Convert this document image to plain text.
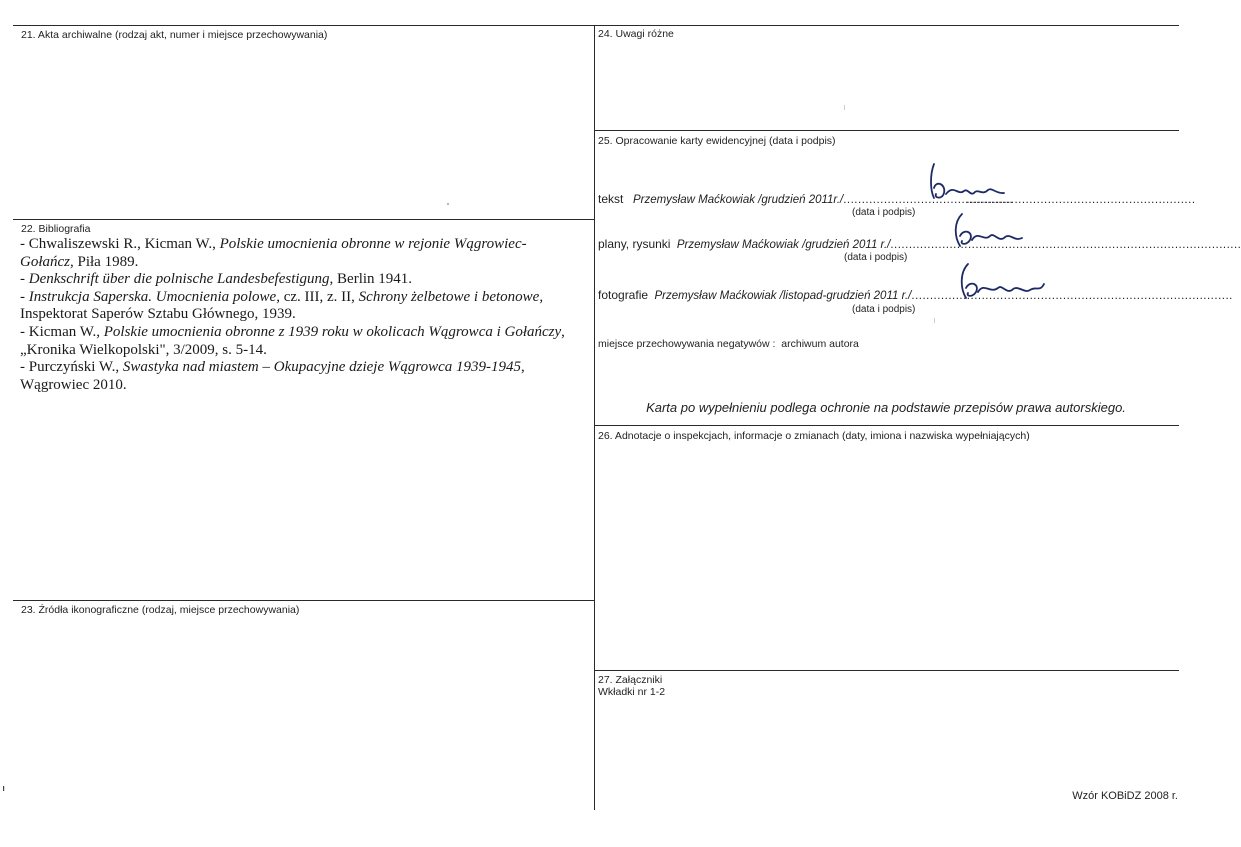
21. Akta archiwalne (rodzaj akt, numer i miejsce przechowywania)
22. Bibliografia

- Chwaliszewski R., Kicman W., Polskie umocnienia obronne w rejonie Wągrowiec-Gołańcz, Piła 1989.

- Denkschrift über die polnische Landesbefestigung, Berlin 1941.

- Instrukcja Saperska. Umocnienia polowe, cz. III, z. II, Schrony żelbetowe i betonowe, Inspektorat Saperów Sztabu Głównego, 1939.

- Kicman W., Polskie umocnienia obronne z 1939 roku w okolicach Wągrowca i Gołańczy, „Kronika Wielkopolski", 3/2009, s. 5-14.

- Purczyński W., Swastyka nad miastem – Okupacyjne dzieje Wągrowca 1939-1945, Wągrowiec 2010.

23. Źródła ikonograficzne (rodzaj, miejsce przechowywania)
24. Uwagi różne
25. Opracowanie karty ewidencyjnej (data i podpis)
tekst Przemysław Maćkowiak /grudzień 2011r./.............................................. ..............................................................
(data i podpis)
plany, rysunki Przemysław Maćkowiak /grudzień 2011 r./...............................................................................................
(data i podpis)
fotografie Przemysław Maćkowiak /listopad-grudzień 2011 r./.......................................................................................
(data i podpis)
miejsce przechowywania negatywów : archiwum autora
Karta po wypełnieniu podlega ochronie na podstawie przepisów prawa autorskiego.
26. Adnotacje o inspekcjach, informacje o zmianach (daty, imiona i nazwiska wypełniających)
27. Załączniki
Wkładki nr 1-2
Wzór KOBiDZ 2008 r.
